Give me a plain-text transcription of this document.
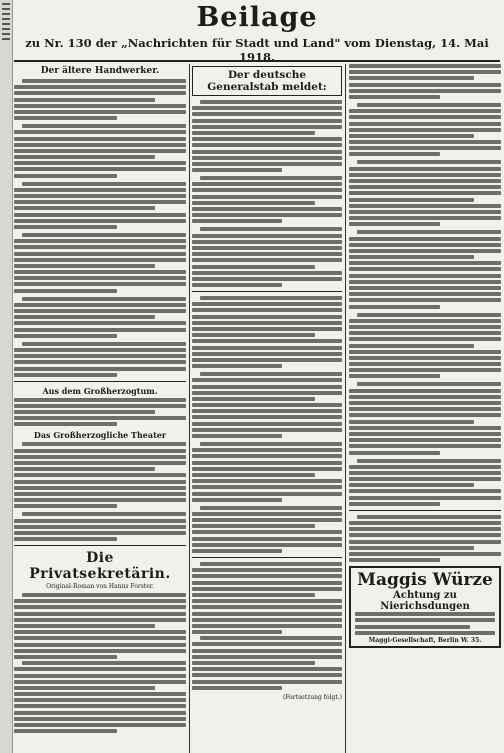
Beilage
zu Nr. 130 der „Nachrichten für Stadt und Land" vom Dienstag, 14. Mai 1918.
Der ältere Handwerker.
Aus dem Großherzogtum.
Das Großherzogliche Theater
Die Privatsekretärin.
Original-Roman von Hanns Forster.
Der deutsche Generalstab meldet:
(Fortsetzung folgt.)
Maggis Würze
Achtung zu Nierichsdungen
Maggi-Gesellschaft, Berlin W. 35.
